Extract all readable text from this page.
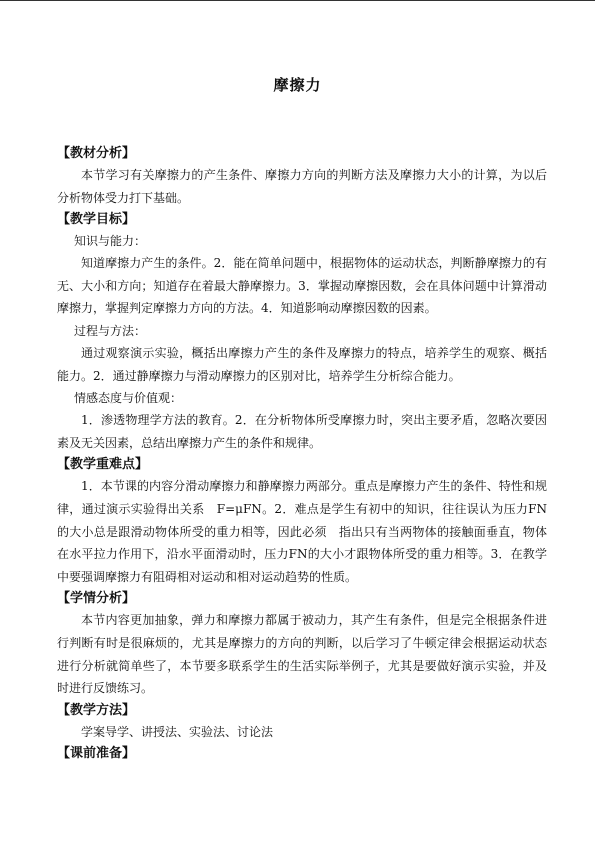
摩擦力
【教材分析】

本节学习有关摩擦力的产生条件、摩擦力方向的判断方法及摩擦力大小的计算，为以后分析物体受力打下基础。

【教学目标】
知识与能力：

知道摩擦力产生的条件。2．能在简单问题中，根据物体的运动状态，判断静摩擦力的有无、大小和方向；知道存在着最大静摩擦力。3．掌握动摩擦因数，会在具体问题中计算滑动摩擦力，掌握判定摩擦力方向的方法。4．知道影响动摩擦因数的因素。

过程与方法：

通过观察演示实验，概括出摩擦力产生的条件及摩擦力的特点，培养学生的观察、概括能力。2．通过静摩擦力与滑动摩擦力的区别对比，培养学生分析综合能力。

情感态度与价值观：

1．渗透物理学方法的教育。2．在分析物体所受摩擦力时，突出主要矛盾，忽略次要因素及无关因素，总结出摩擦力产生的条件和规律。

【教学重难点】

1．本节课的内容分滑动摩擦力和静摩擦力两部分。重点是摩擦力产生的条件、特性和规律，通过演示实验得出关系　F=μFN。2．难点是学生有初中的知识，往往误认为压力FN的大小总是跟滑动物体所受的重力相等，因此必须　指出只有当两物体的接触面垂直，物体在水平拉力作用下，沿水平面滑动时，压力FN的大小才跟物体所受的重力相等。3．在教学中要强调摩擦力有阻碍相对运动和相对运动趋势的性质。

【学情分析】

本节内容更加抽象，弹力和摩擦力都属于被动力，其产生有条件，但是完全根据条件进行判断有时是很麻烦的，尤其是摩擦力的方向的判断，以后学习了牛顿定律会根据运动状态进行分析就简单些了，本节要多联系学生的生活实际举例子，尤其是要做好演示实验，并及时进行反馈练习。

【教学方法】

学案导学、讲授法、实验法、讨论法

【课前准备】
